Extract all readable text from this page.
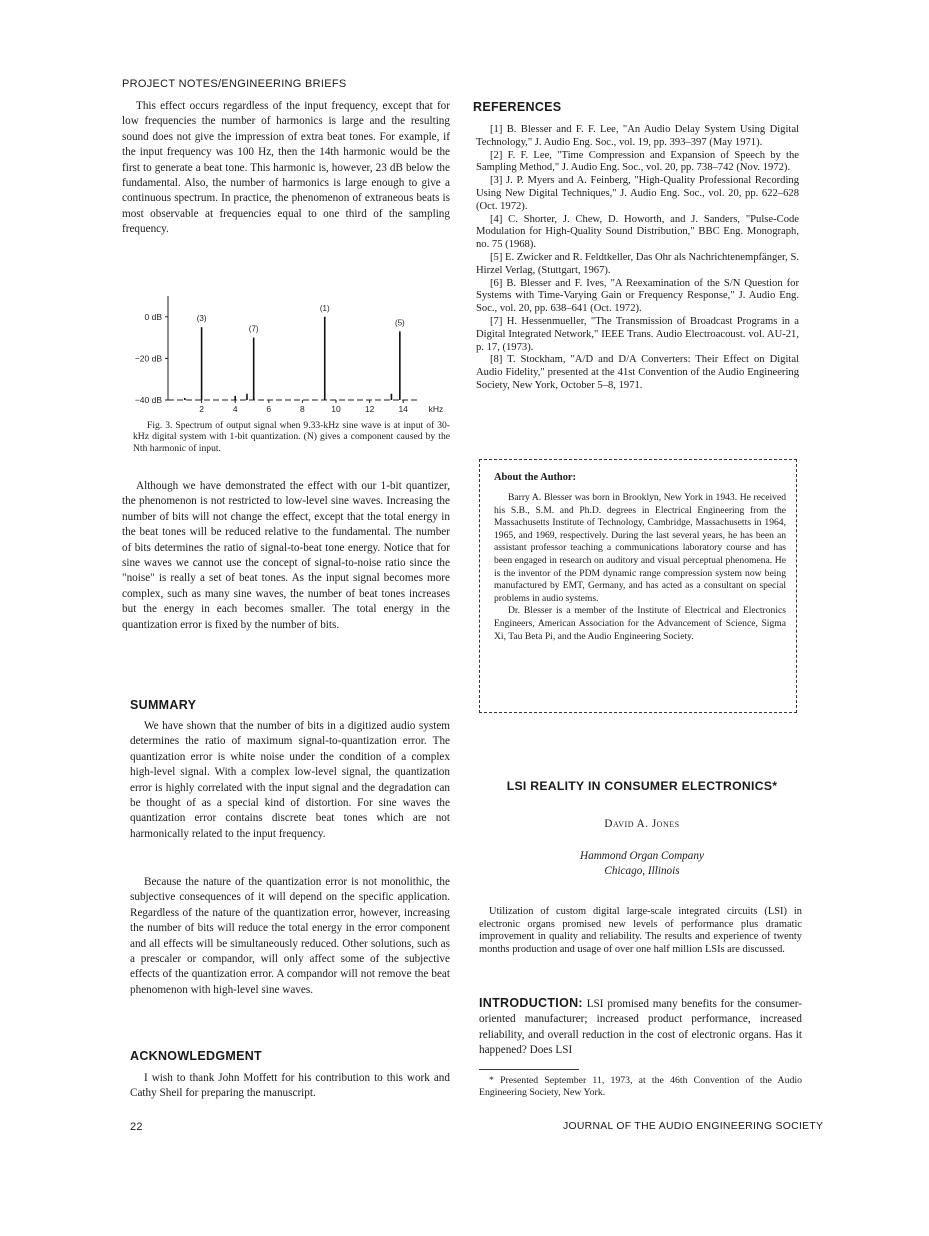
PROJECT NOTES/ENGINEERING BRIEFS

This effect occurs regardless of the input frequency, except that for low frequencies the number of harmonics is large and the resulting sound does not give the impression of extra beat tones. For example, if the input frequency was 100 Hz, then the 14th harmonic would be the first to generate a beat tone. This harmonic is, however, 23 dB below the fundamental. Also, the number of harmonics is large enough to give a continuous spectrum. In practice, the phenomenon of extraneous beats is most observable at frequencies equal to one third of the sampling frequency.

0 dB
−20 dB
−40 dB
2	4	6	8	10	12	14 kHz
(3)
(7)
(1)
(5)
Fig. 3. Spectrum of output signal when 9.33-kHz sine wave is at input of 30-kHz digital system with 1-bit quantization. (N) gives a component caused by the Nth harmonic of input.

Although we have demonstrated the effect with our 1-bit quantizer, the phenomenon is not restricted to low-level sine waves. Increasing the number of bits will not change the effect, except that the total energy in the beat tones will be reduced relative to the fundamental. The number of bits determines the ratio of signal-to-beat tone energy. Notice that for sine waves we cannot use the concept of signal-to-noise ratio since the "noise" is really a set of beat tones. As the input signal becomes more complex, such as many sine waves, the number of beat tones increases but the energy in each becomes smaller. The total energy in the quantization error is fixed by the number of bits.

SUMMARY

We have shown that the number of bits in a digitized audio system determines the ratio of maximum signal-to-quantization error. The quantization error is white noise under the condition of a complex high-level signal. With a complex low-level signal, the quantization error is highly correlated with the input signal and the degradation can be thought of as a special kind of distortion. For sine waves the quantization error contains discrete beat tones which are not harmonically related to the input frequency.

Because the nature of the quantization error is not monolithic, the subjective consequences of it will depend on the specific application. Regardless of the nature of the quantization error, however, increasing the number of bits will reduce the total energy in the error component and all effects will be simultaneously reduced. Other solutions, such as a prescaler or compandor, will only affect some of the subjective effects of the quantization error. A compandor will not remove the beat phenomenon with high-level sine waves.

ACKNOWLEDGMENT

I wish to thank John Moffett for his contribution to this work and Cathy Sheil for preparing the manuscript.

22
REFERENCES

[1] B. Blesser and F. F. Lee, "An Audio Delay System Using Digital Technology," J. Audio Eng. Soc., vol. 19, pp. 393–397 (May 1971).

[2] F. F. Lee, "Time Compression and Expansion of Speech by the Sampling Method," J. Audio Eng. Soc., vol. 20, pp. 738–742 (Nov. 1972).

[3] J. P. Myers and A. Feinberg, "High-Quality Professional Recording Using New Digital Techniques," J. Audio Eng. Soc., vol. 20, pp. 622–628 (Oct. 1972).

[4] C. Shorter, J. Chew, D. Howorth, and J. Sanders, "Pulse-Code Modulation for High-Quality Sound Distribution," BBC Eng. Monograph, no. 75 (1968).

[5] E. Zwicker and R. Feldtkeller, Das Ohr als Nachrichtenempfänger, S. Hirzel Verlag, (Stuttgart, 1967).

[6] B. Blesser and F. Ives, "A Reexamination of the S/N Question for Systems with Time-Varying Gain or Frequency Response," J. Audio Eng. Soc., vol. 20, pp. 638–641 (Oct. 1972).

[7] H. Hessenmueller, "The Transmission of Broadcast Programs in a Digital Integrated Network," IEEE Trans. Audio Electroacoust. vol. AU-21, p. 17, (1973).

[8] T. Stockham, "A/D and D/A Converters: Their Effect on Digital Audio Fidelity," presented at the 41st Convention of the Audio Engineering Society, New York, October 5–8, 1971.

About the Author:

Barry A. Blesser was born in Brooklyn, New York in 1943. He received his S.B., S.M. and Ph.D. degrees in Electrical Engineering from the Massachusetts Institute of Technology, Cambridge, Massachusetts in 1964, 1965, and 1969, respectively. During the last several years, he has been an assistant professor teaching a communications laboratory course and has been engaged in research on auditory and visual perceptual phenomena. He is the inventor of the PDM dynamic range compression system now being manufactured by EMT, Germany, and has acted as a consultant on special problems in audio systems.

Dr. Blesser is a member of the Institute of Electrical and Electronics Engineers, American Association for the Advancement of Science, Sigma Xi, Tau Beta Pi, and the Audio Engineering Society.

LSI REALITY IN CONSUMER ELECTRONICS*
David A. Jones
Hammond Organ Company
Chicago, Illinois

Utilization of custom digital large-scale integrated circuits (LSI) in electronic organs promised new levels of performance plus dramatic improvement in quality and reliability. The results and experience of twenty months production and usage of over one half million LSIs are discussed.

INTRODUCTION: LSI promised many benefits for the consumer-oriented manufacturer; increased product performance, increased reliability, and overall reduction in the cost of electronic organs. Has it happened? Does LSI

* Presented September 11, 1973, at the 46th Convention of the Audio Engineering Society, New York.
JOURNAL OF THE AUDIO ENGINEERING SOCIETY
